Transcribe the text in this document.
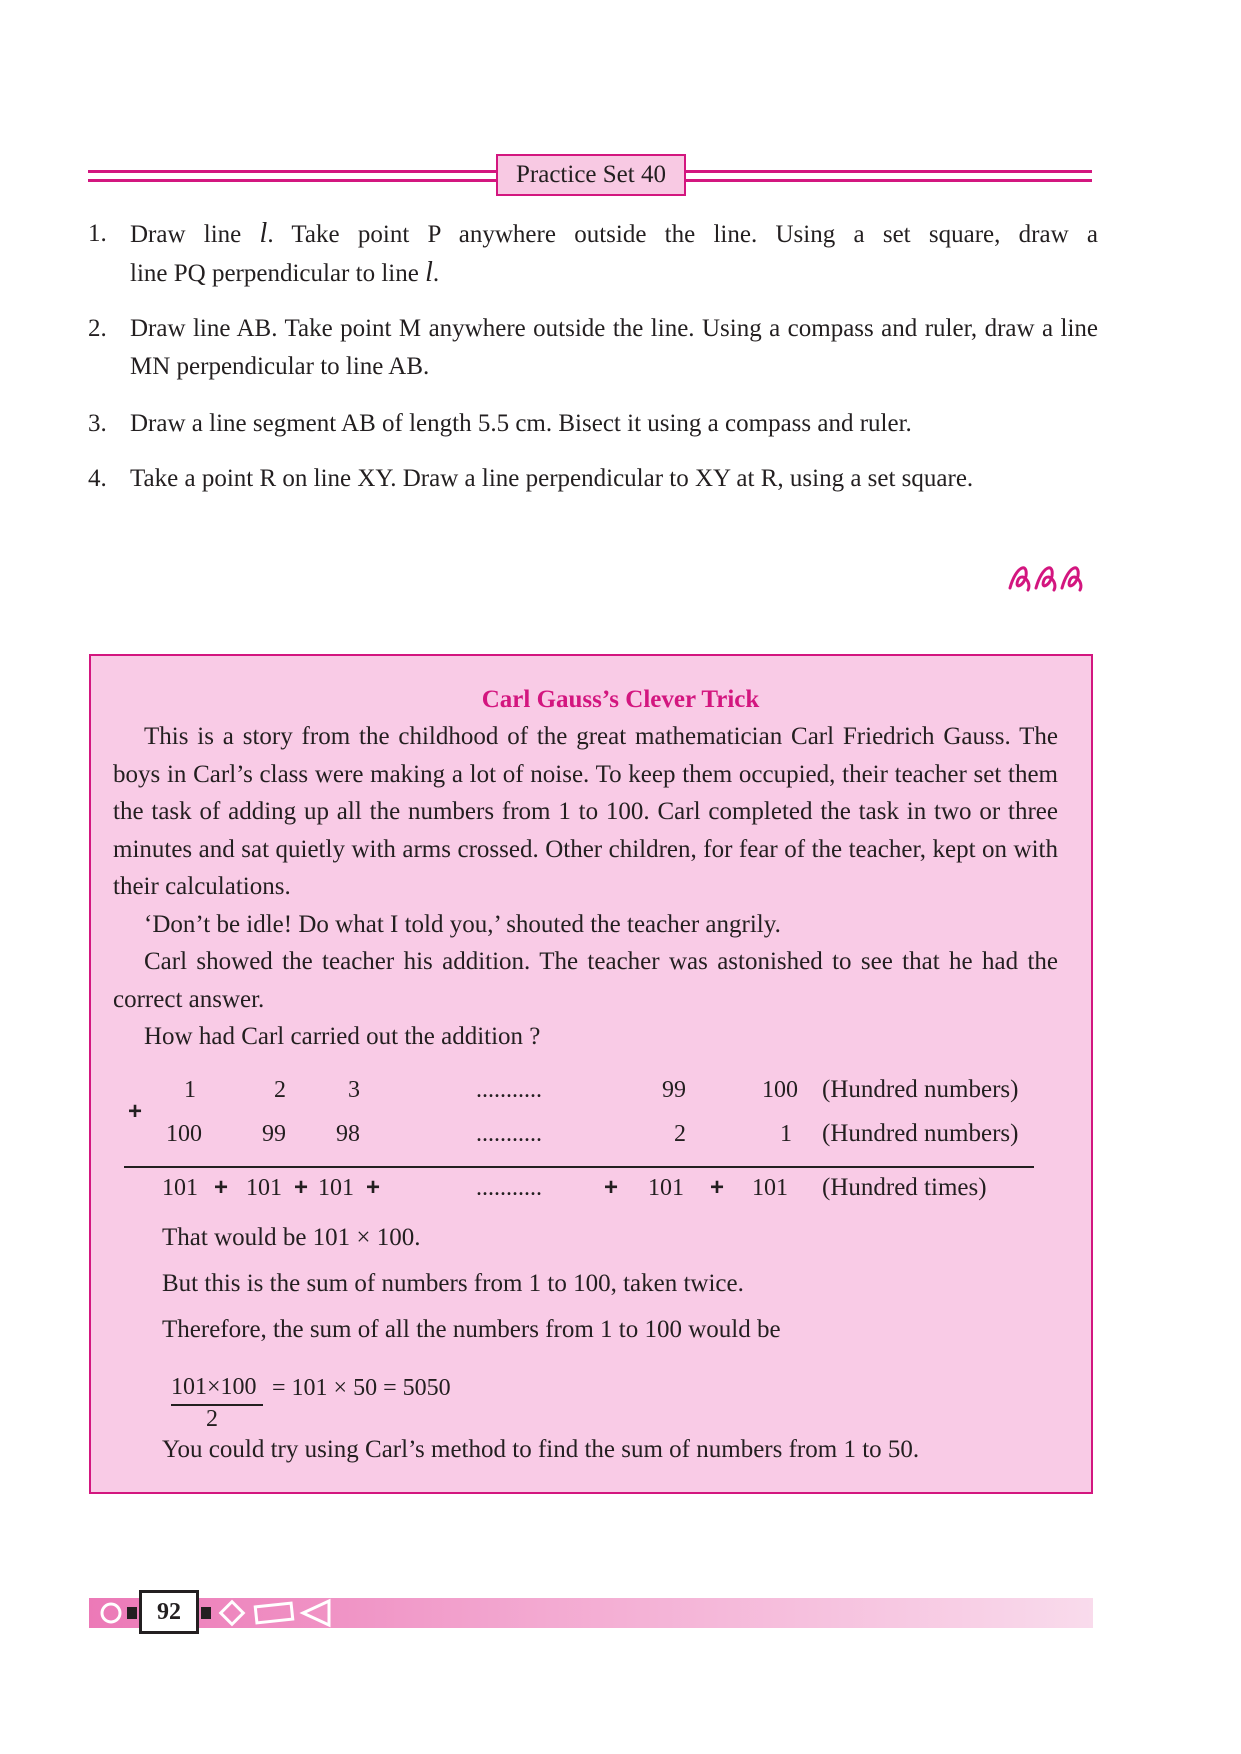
Practice Set 40
1. Draw line l. Take point P anywhere outside the line. Using a set square, draw a
line PQ perpendicular to line l.
2. Draw line AB. Take point M anywhere outside the line. Using a compass and ruler, draw a line MN perpendicular to line AB.
3. Draw a line segment AB of length 5.5 cm. Bisect it using a compass and ruler.
4. Take a point R on line XY. Draw a line perpendicular to XY at R, using a set square.
Carl Gauss’s Clever Trick

This is a story from the childhood of the great mathematician Carl Friedrich Gauss. The boys in Carl’s class were making a lot of noise. To keep them occupied, their teacher set them the task of adding up all the numbers from 1 to 100. Carl completed the task in two or three minutes and sat quietly with arms crossed. Other children, for fear of the teacher, kept on with their calculations.

‘Don’t be idle! Do what I told you,’ shouted the teacher angrily.

Carl showed the teacher his addition. The teacher was astonished to see that he had the correct answer.

How had Carl carried out the addition ?

+
1	2	3	...........	99	100 (Hundred numbers)
100	99	98	...........	2	1 (Hundred numbers)
101 + 101 + 101 +	...........	+ 101 + 101 (Hundred times)
That would be 101 × 100.
But this is the sum of numbers from 1 to 100, taken twice.
Therefore, the sum of all the numbers from 1 to 100 would be
101×100
2
= 101 × 50 = 5050
You could try using Carl’s method to find the sum of numbers from 1 to 50.
92
